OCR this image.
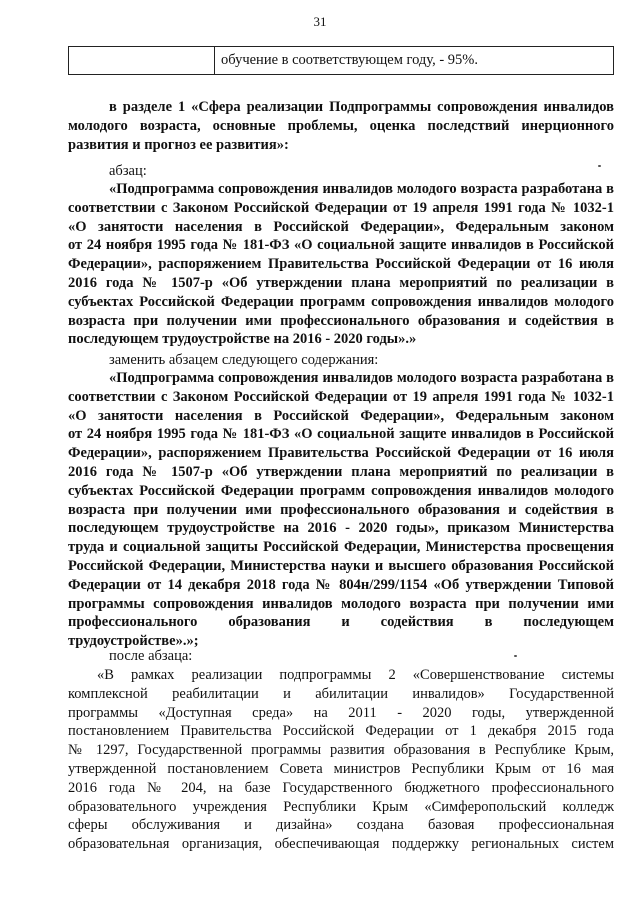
31
обучение в соответствующем году, - 95%.
в разделе 1 «Сфера реализации Подпрограммы сопровождения инвалидов
молодого возраста, основные проблемы, оценка последствий инерционного
развития и прогноз ее развития»:
абзац:
«Подпрограмма сопровождения инвалидов молодого возраста разработана в
соответствии с Законом Российской Федерации от 19 апреля 1991 года № 1032-1
«О занятости населения в Российской Федерации», Федеральным законом
от 24 ноября 1995 года № 181-ФЗ «О социальной защите инвалидов в Российской
Федерации», распоряжением Правительства Российской Федерации от 16 июля
2016 года № 1507-р «Об утверждении плана мероприятий по реализации в
субъектах Российской Федерации программ сопровождения инвалидов молодого
возраста при получении ими профессионального образования и содействия в
последующем трудоустройстве на 2016 - 2020 годы».»
заменить абзацем следующего содержания:
«Подпрограмма сопровождения инвалидов молодого возраста разработана в
соответствии с Законом Российской Федерации от 19 апреля 1991 года № 1032-1
«О занятости населения в Российской Федерации», Федеральным законом
от 24 ноября 1995 года № 181-ФЗ «О социальной защите инвалидов в Российской
Федерации», распоряжением Правительства Российской Федерации от 16 июля
2016 года № 1507-р «Об утверждении плана мероприятий по реализации в
субъектах Российской Федерации программ сопровождения инвалидов молодого
возраста при получении ими профессионального образования и содействия в
последующем трудоустройстве на 2016 - 2020 годы», приказом Министерства
труда и социальной защиты Российской Федерации, Министерства просвещения
Российской Федерации, Министерства науки и высшего образования Российской
Федерации от 14 декабря 2018 года № 804н/299/1154 «Об утверждении Типовой
программы сопровождения инвалидов молодого возраста при получении ими
профессионального образования и содействия в последующем
трудоустройстве».»;
после абзаца:
«В рамках реализации подпрограммы 2 «Совершенствование системы
комплексной реабилитации и абилитации инвалидов» Государственной
программы «Доступная среда» на 2011 - 2020 годы, утвержденной
постановлением Правительства Российской Федерации от 1 декабря 2015 года
№ 1297, Государственной программы развития образования в Республике Крым,
утвержденной постановлением Совета министров Республики Крым от 16 мая
2016 года № 204, на базе Государственного бюджетного профессионального
образовательного учреждения Республики Крым «Симферопольский колледж
сферы обслуживания и дизайна» создана базовая профессиональная
образовательная организация, обеспечивающая поддержку региональных систем
